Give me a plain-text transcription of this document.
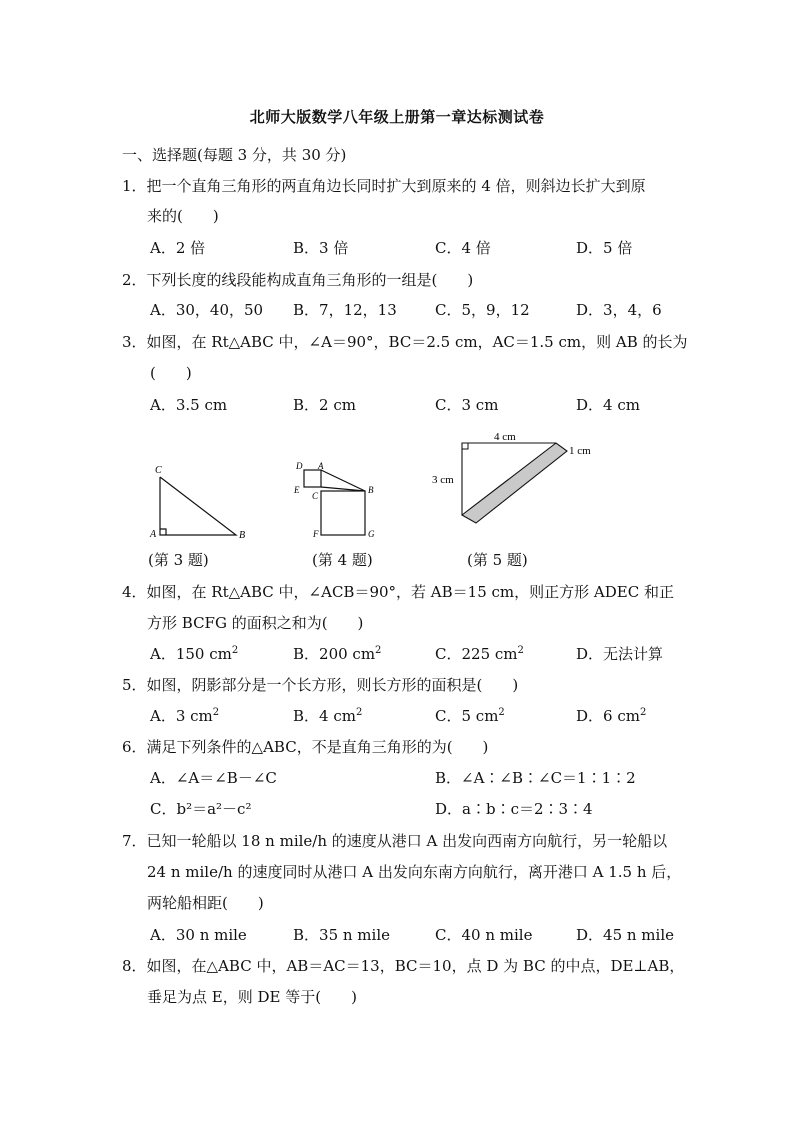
北师大版数学八年级上册第一章达标测试卷
一、选择题(每题 3 分，共 30 分)
1．把一个直角三角形的两直角边长同时扩大到原来的 4 倍，则斜边长扩大到原
来的(　　)
A．2 倍	B．3 倍	C．4 倍	D．5 倍
2．下列长度的线段能构成直角三角形的一组是(　　)
A．30，40，50 B．7，12，13	C．5，9，12	D．3，4，6
3．如图，在 Rt△ABC 中，∠A＝90°，BC＝2.5 cm，AC＝1.5 cm，则 AB 的长为
(　　)
A．3.5 cm	B．2 cm	C．3 cm	D．4 cm
C
A	B
D A
E
C
B
F	G
4 cm
3 cm
1 cm
(第 3 题)	(第 4 题)	(第 5 题)
4．如图，在 Rt△ABC 中，∠ACB＝90°，若 AB＝15 cm，则正方形 ADEC 和正
方形 BCFG 的面积之和为(　　)
A．150 $cm^2$	B．200 $cm^2$	C．225 $cm^2$	D．无法计算
5．如图，阴影部分是一个长方形，则长方形的面积是(　　)
A．3 $cm^2$	B．4 $cm^2$	C．5 $cm^2$	D．6 $cm^2$
6．满足下列条件的△ABC，不是直角三角形的为(　　)
A．∠A＝∠B－∠C	B．∠A∶∠B∶∠C＝1∶1∶2
C．b²＝a²－c²	D．a∶b∶c＝2∶3∶4
7．已知一轮船以 18 n mile/h 的速度从港口 A 出发向西南方向航行，另一轮船以
24 n mile/h 的速度同时从港口 A 出发向东南方向航行，离开港口 A 1.5 h 后，
两轮船相距(　　)
A．30 n mile	B．35 n mile	C．40 n mile	D．45 n mile
8．如图，在△ABC 中，AB＝AC＝13，BC＝10，点 D 为 BC 的中点，DE⊥AB，
垂足为点 E，则 DE 等于(　　)
